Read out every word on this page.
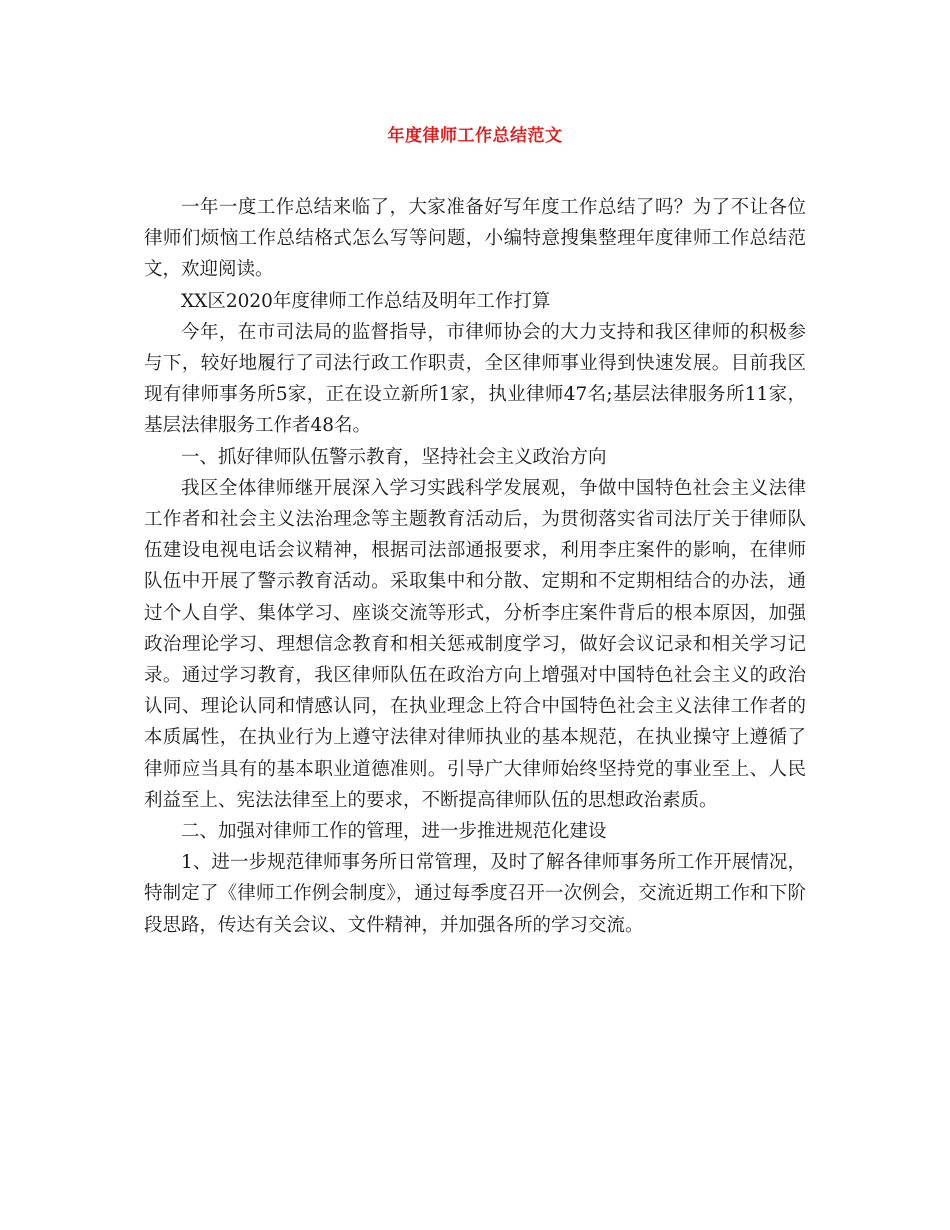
年度律师工作总结范文

一年一度工作总结来临了，大家准备好写年度工作总结了吗？为了不让各位律师们烦恼工作总结格式怎么写等问题，小编特意搜集整理年度律师工作总结范文，欢迎阅读。

XX区2020年度律师工作总结及明年工作打算

今年，在市司法局的监督指导，市律师协会的大力支持和我区律师的积极参与下，较好地履行了司法行政工作职责，全区律师事业得到快速发展。目前我区现有律师事务所5家，正在设立新所1家，执业律师47名;基层法律服务所11家，基层法律服务工作者48名。

一、抓好律师队伍警示教育，坚持社会主义政治方向

我区全体律师继开展深入学习实践科学发展观，争做中国特色社会主义法律工作者和社会主义法治理念等主题教育活动后，为贯彻落实省司法厅关于律师队伍建设电视电话会议精神，根据司法部通报要求，利用李庄案件的影响，在律师队伍中开展了警示教育活动。采取集中和分散、定期和不定期相结合的办法，通过个人自学、集体学习、座谈交流等形式，分析李庄案件背后的根本原因，加强政治理论学习、理想信念教育和相关惩戒制度学习，做好会议记录和相关学习记录。通过学习教育，我区律师队伍在政治方向上增强对中国特色社会主义的政治认同、理论认同和情感认同，在执业理念上符合中国特色社会主义法律工作者的本质属性，在执业行为上遵守法律对律师执业的基本规范，在执业操守上遵循了律师应当具有的基本职业道德准则。引导广大律师始终坚持党的事业至上、人民利益至上、宪法法律至上的要求，不断提高律师队伍的思想政治素质。

二、加强对律师工作的管理，进一步推进规范化建设

1、进一步规范律师事务所日常管理，及时了解各律师事务所工作开展情况，特制定了《律师工作例会制度》，通过每季度召开一次例会，交流近期工作和下阶段思路，传达有关会议、文件精神，并加强各所的学习交流。
